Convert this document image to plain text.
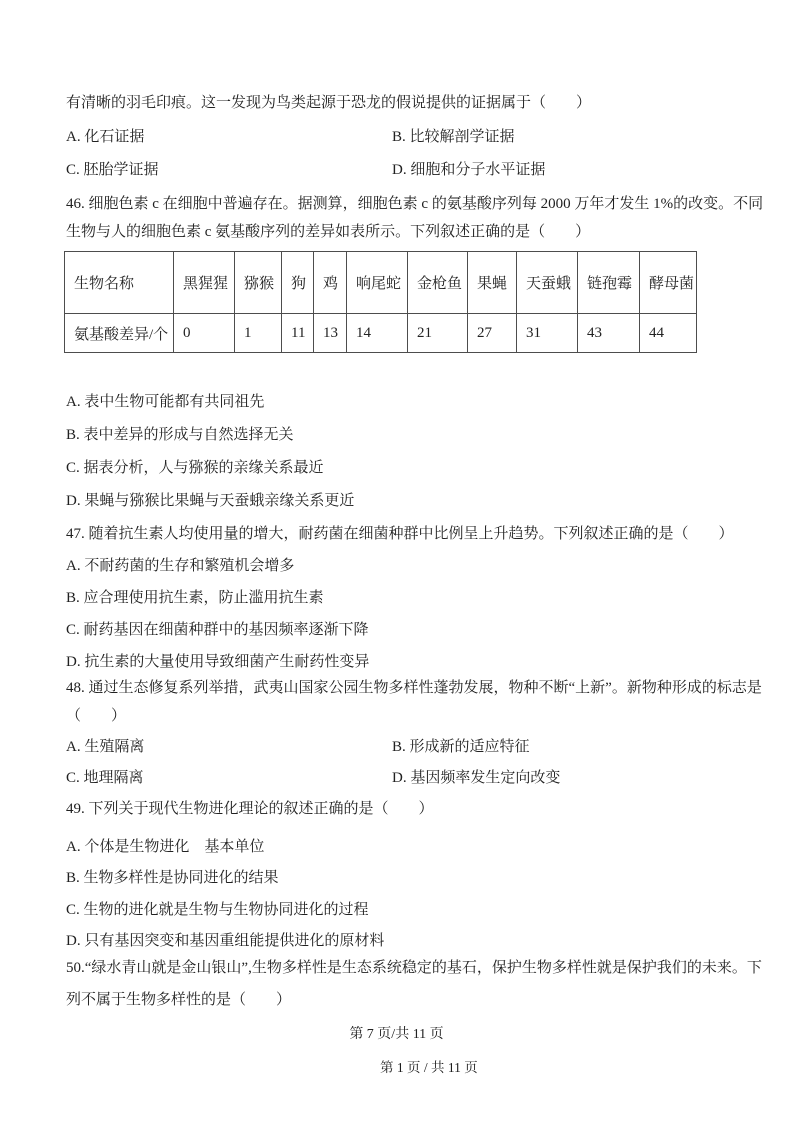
有清晰的羽毛印痕。这一发现为鸟类起源于恐龙的假说提供的证据属于（　　）
A. 化石证据	B. 比较解剖学证据
C. 胚胎学证据	D. 细胞和分子水平证据
46. 细胞色素 c 在细胞中普遍存在。据测算，细胞色素 c 的氨基酸序列每 2000 万年才发生 1%的改变。不同
生物与人的细胞色素 c 氨基酸序列的差异如表所示。下列叙述正确的是（　　）
生物名称	黑猩猩	猕猴	狗	鸡	响尾蛇	金枪鱼	果蝇	天蚕蛾	链孢霉	酵母菌
氨基酸差异/个	0	1	11	13	14	21	27	31	43	44
A. 表中生物可能都有共同祖先
B. 表中差异的形成与自然选择无关
C. 据表分析，人与猕猴的亲缘关系最近
D. 果蝇与猕猴比果蝇与天蚕蛾亲缘关系更近
47. 随着抗生素人均使用量的增大，耐药菌在细菌种群中比例呈上升趋势。下列叙述正确的是（　　）
A. 不耐药菌的生存和繁殖机会增多
B. 应合理使用抗生素，防止滥用抗生素
C. 耐药基因在细菌种群中的基因频率逐渐下降
D. 抗生素的大量使用导致细菌产生耐药性变异
48. 通过生态修复系列举措，武夷山国家公园生物多样性蓬勃发展，物种不断“上新”。新物种形成的标志是
（　　）
A. 生殖隔离	B. 形成新的适应特征
C. 地理隔离	D. 基因频率发生定向改变
49. 下列关于现代生物进化理论的叙述正确的是（　　）
A. 个体是生物进化　基本单位
B. 生物多样性是协同进化的结果
C. 生物的进化就是生物与生物协同进化的过程
D. 只有基因突变和基因重组能提供进化的原材料
50.“绿水青山就是金山银山”,生物多样性是生态系统稳定的基石，保护生物多样性就是保护我们的未来。下
列不属于生物多样性的是（　　）
第 7 页/共 11 页
第 1 页 / 共 11 页
